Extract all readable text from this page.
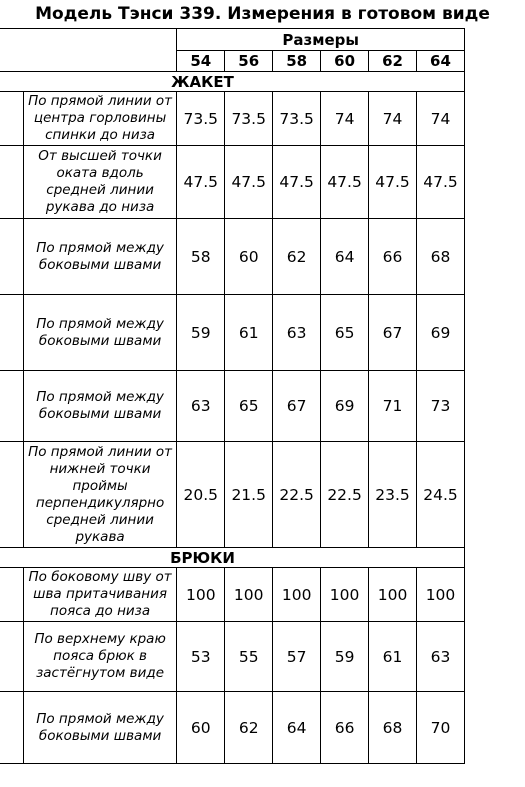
Модель Тэнси 339. Измерения в готовом виде
	Размеры					
		54	56	58	60	62	64
ЖАКЕТ							

	По прямой линии от центра горловины спинки до низа	73.5	73.5	73.5	74	74	74

	От высшей точки оката вдоль средней линии рукава до низа	47.5	47.5	47.5	47.5	47.5	47.5

	По прямой между боковыми швами	58	60	62	64	66	68

	По прямой между боковыми швами	59	61	63	65	67	69

	По прямой между боковыми швами	63	65	67	69	71	73

	По прямой линии от нижней точки проймы перпендикулярно средней линии рукава	20.5	21.5	22.5	22.5	23.5	24.5
БРЮКИ							

	По боковому шву от шва притачивания пояса до низа	100	100	100	100	100	100

	По верхнему краю пояса брюк в застёгнутом виде	53	55	57	59	61	63

	По прямой между боковыми швами	60	62	64	66	68	70
